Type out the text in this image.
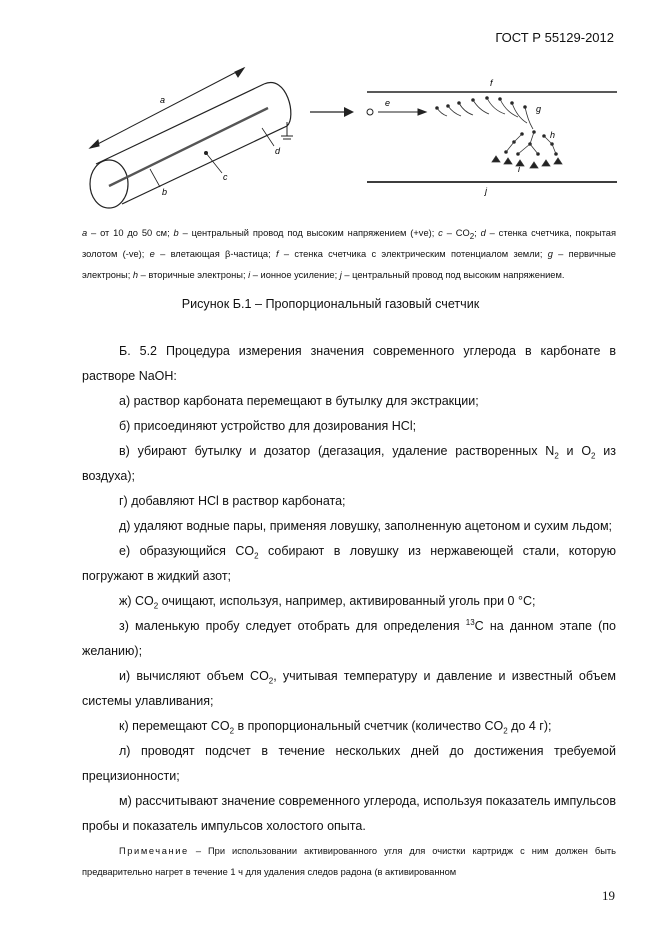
ГОСТ Р 55129-2012
a
b
c
d
e
f
g
h
i
j
a – от 10 до 50 см; b – центральный провод под высоким напряжением (+ve); c – $CO_2$; d – стенка счетчика, покрытая золотом (-ve); e – влетающая β-частица; f – стенка счетчика с электрическим потенциалом земли; g – первичные электроны; h – вторичные электроны; i – ионное усиление; j – центральный провод под высоким напряжением.
Рисунок Б.1 – Пропорциональный газовый счетчик

Б. 5.2 Процедура измерения значения современного углерода в карбонате в растворе NaOH:

а) раствор карбоната перемещают в бутылку для экстракции;

б) присоединяют устройство для дозирования HCl;

в) убирают бутылку и дозатор (дегазация, удаление растворенных $N_2$ и $O_2$ из воздуха);

г) добавляют HCl в раствор карбоната;

д) удаляют водные пары, применяя ловушку, заполненную ацетоном и сухим льдом;

е) образующийся $CO_2$ собирают в ловушку из нержавеющей стали, которую погружают в жидкий азот;

ж) $CO_2$ очищают, используя, например, активированный уголь при 0 °С;

з) маленькую пробу следует отобрать для определения $^{13}$C на данном этапе (по желанию);

и) вычисляют объем $CO_2$, учитывая температуру и давление и известный объем системы улавливания;

к) перемещают $CO_2$ в пропорциональный счетчик (количество $CO_2$ до 4 г);

л) проводят подсчет в течение нескольких дней до достижения требуемой прецизионности;

м) рассчитывают значение современного углерода, используя показатель импульсов пробы и показатель импульсов холостого опыта.

Примечание – При использовании активированного угля для очистки картридж с ним должен быть предварительно нагрет в течение 1 ч для удаления следов радона (в активированном

19
